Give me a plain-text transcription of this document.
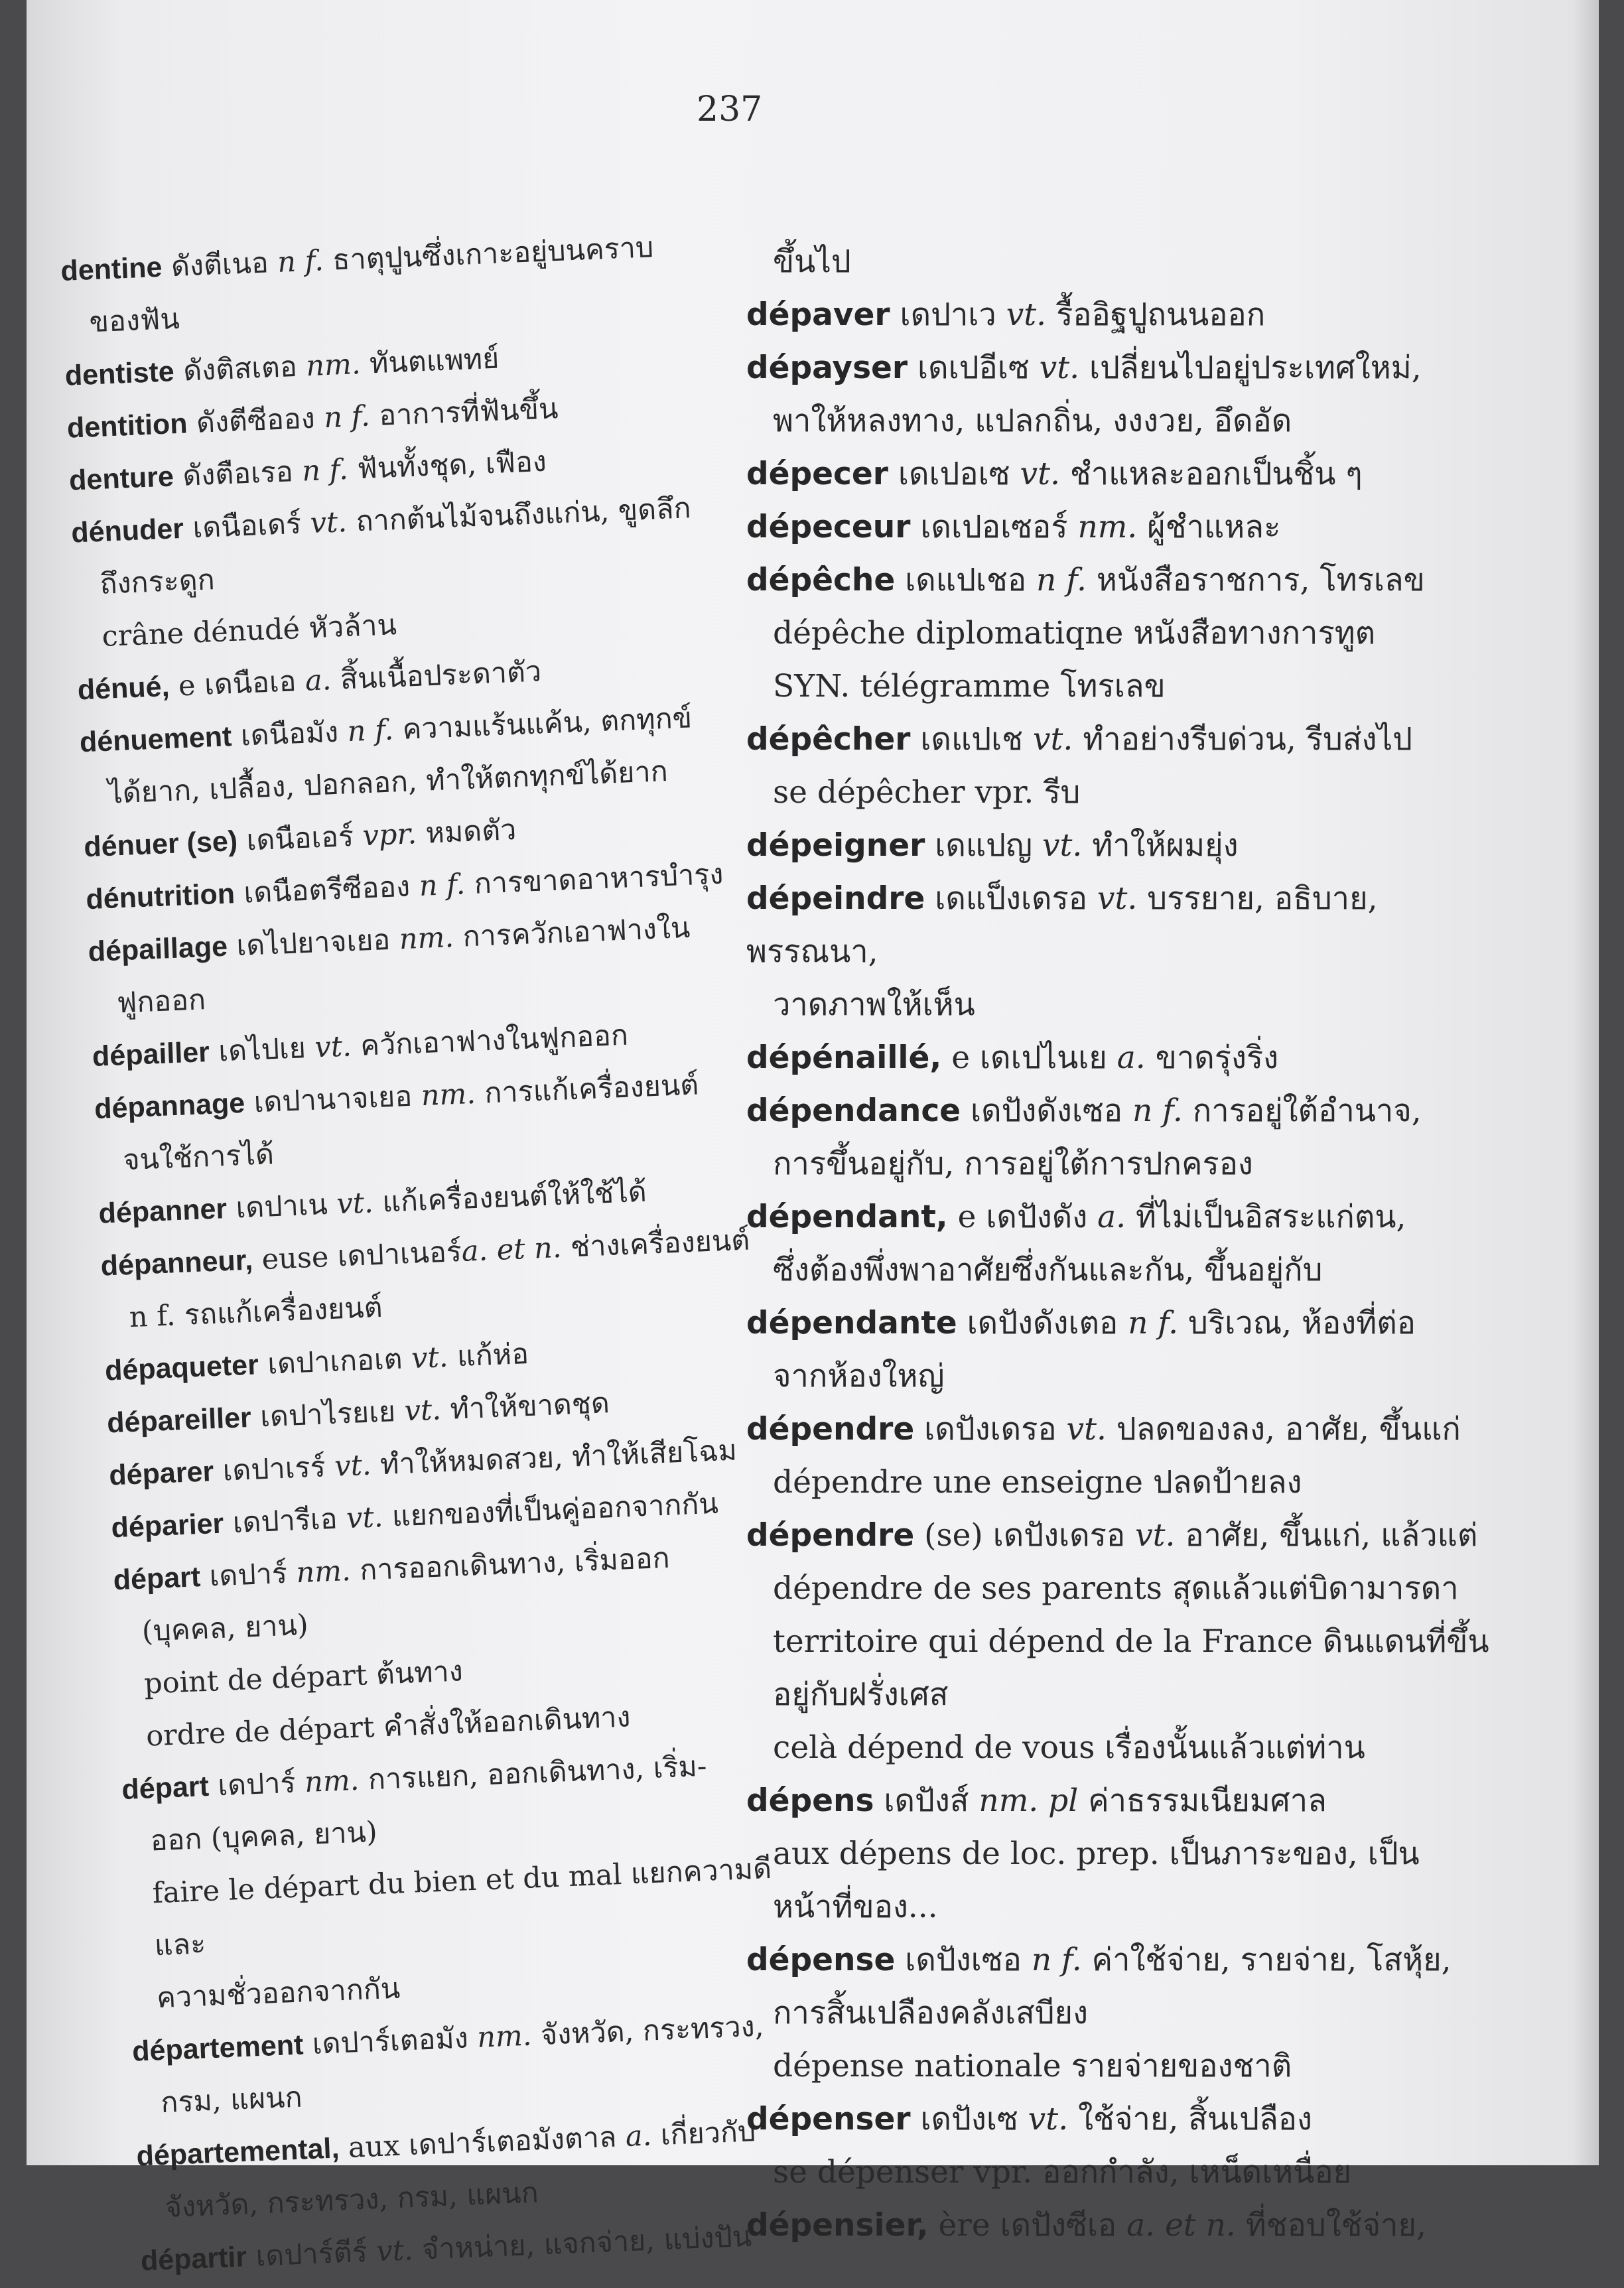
237
dentine ดังตีเนอ n f. ธาตุปูนซึ่งเกาะอยู่บนคราบ
ของฟัน
dentiste ดังติสเตอ nm. ทันตแพทย์
dentition ดังตีซีออง n f. อาการที่ฟันขึ้น
denture ดังตือเรอ n f. ฟันทั้งชุด, เฟือง
dénuder เดนือเดร์ vt. ถากต้นไม้จนถึงแก่น, ขูดลึก
ถึงกระดูก
crâne dénudé หัวล้าน
dénué, e เดนือเอ a. สิ้นเนื้อประดาตัว
dénuement เดนือมัง n f. ความแร้นแค้น, ตกทุกข์
ได้ยาก, เปลื้อง, ปอกลอก, ทำให้ตกทุกข์ได้ยาก
dénuer (se) เดนือเอร์ vpr. หมดตัว
dénutrition เดนือตรีซีออง n f. การขาดอาหารบำรุง
dépaillage เดไปยาจเยอ nm. การควักเอาฟางใน
ฟูกออก
dépailler เดไปเย vt. ควักเอาฟางในฟูกออก
dépannage เดปานาจเยอ nm. การแก้เครื่องยนต์
จนใช้การได้
dépanner เดปาเน vt. แก้เครื่องยนต์ให้ใช้ได้
dépanneur, euse เดปาเนอร์a. et n. ช่างเครื่องยนต์
n f. รถแก้เครื่องยนต์
dépaqueter เดปาเกอเต vt. แก้ห่อ
dépareiller เดปาไรยเย vt. ทำให้ขาดชุด
déparer เดปาเรร์ vt. ทำให้หมดสวย, ทำให้เสียโฉม
déparier เดปารีเอ vt. แยกของที่เป็นคู่ออกจากกัน
départ เดปาร์ nm. การออกเดินทาง, เริ่มออก
(บุคคล, ยาน)
point de départ ต้นทาง
ordre de départ คำสั่งให้ออกเดินทาง
départ เดปาร์ nm. การแยก, ออกเดินทาง, เริ่ม-
ออก (บุคคล, ยาน)
faire le départ du bien et du mal แยกความดีและ
ความชั่วออกจากกัน
département เดปาร์เตอมัง nm. จังหวัด, กระทรวง,
กรม, แผนก
départemental, aux เดปาร์เตอมังตาล a. เกี่ยวกับ
จังหวัด, กระทรวง, กรม, แผนก
départir เดปาร์ตีร์ vt. จำหน่าย, แจกจ่าย, แบ่งปัน
ขึ้นไป
dépaver เดปาเว vt. รื้ออิฐปูถนนออก
dépayser เดเปอีเซ vt. เปลี่ยนไปอยู่ประเทศใหม่,
พาให้หลงทาง, แปลกถิ่น, งงงวย, อึดอัด
dépecer เดเปอเซ vt. ชำแหละออกเป็นชิ้น ๆ
dépeceur เดเปอเซอร์ nm. ผู้ชำแหละ
dépêche เดแปเชอ n f. หนังสือราชการ, โทรเลข
dépêche diplomatiqne หนังสือทางการทูต
SYN. télégramme โทรเลข
dépêcher เดแปเช vt. ทำอย่างรีบด่วน, รีบส่งไป
se dépêcher vpr. รีบ
dépeigner เดแปญ vt. ทำให้ผมยุ่ง
dépeindre เดแป็งเดรอ vt. บรรยาย, อธิบาย, พรรณนา,
วาดภาพให้เห็น
dépénaillé, e เดเปไนเย a. ขาดรุ่งริ่ง
dépendance เดปังดังเซอ n f. การอยู่ใต้อำนาจ,
การขึ้นอยู่กับ, การอยู่ใต้การปกครอง
dépendant, e เดปังดัง a. ที่ไม่เป็นอิสระแก่ตน,
ซึ่งต้องพึ่งพาอาศัยซึ่งกันและกัน, ขึ้นอยู่กับ
dépendante เดปังดังเตอ n f. บริเวณ, ห้องที่ต่อ
จากห้องใหญ่
dépendre เดปังเดรอ vt. ปลดของลง, อาศัย, ขึ้นแก่
dépendre une enseigne ปลดป้ายลง
dépendre (se) เดปังเดรอ vt. อาศัย, ขึ้นแก่, แล้วแต่
dépendre de ses parents สุดแล้วแต่บิดามารดา
territoire qui dépend de la France ดินแดนที่ขึ้น
อยู่กับฝรั่งเศส
celà dépend de vous เรื่องนั้นแล้วแต่ท่าน
dépens เดปังส์ nm. pl ค่าธรรมเนียมศาล
aux dépens de loc. prep. เป็นภาระของ, เป็น
หน้าที่ของ...
dépense เดปังเซอ n f. ค่าใช้จ่าย, รายจ่าย, โสหุ้ย,
การสิ้นเปลืองคลังเสบียง
dépense nationale รายจ่ายของชาติ
dépenser เดปังเซ vt. ใช้จ่าย, สิ้นเปลือง
se dépenser vpr. ออกกำลัง, เหน็ดเหนื่อย
dépensier, ère เดปังซีเอ a. et n. ที่ชอบใช้จ่าย,
